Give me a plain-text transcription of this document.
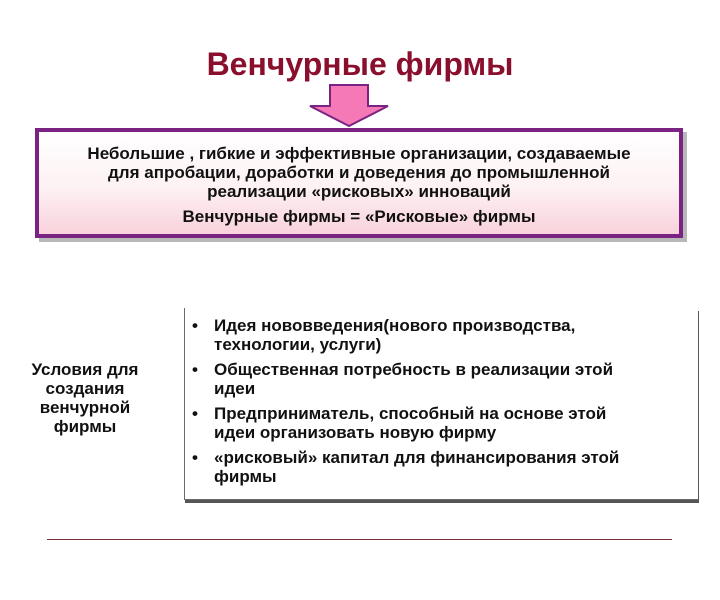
Венчурные фирмы
Небольшие , гибкие и эффективные организации, создаваемые
для апробации, доработки и доведения до промышленной
реализации «рисковых» инноваций
Венчурные фирмы = «Рисковые» фирмы
Условия для
создания
венчурной
фирмы
• Идея нововведения(нового производства,
технологии, услуги)
• Общественная потребность в реализации этой
идеи
• Предприниматель, способный на основе этой
идеи организовать новую фирму
• «рисковый» капитал для финансирования этой
фирмы
